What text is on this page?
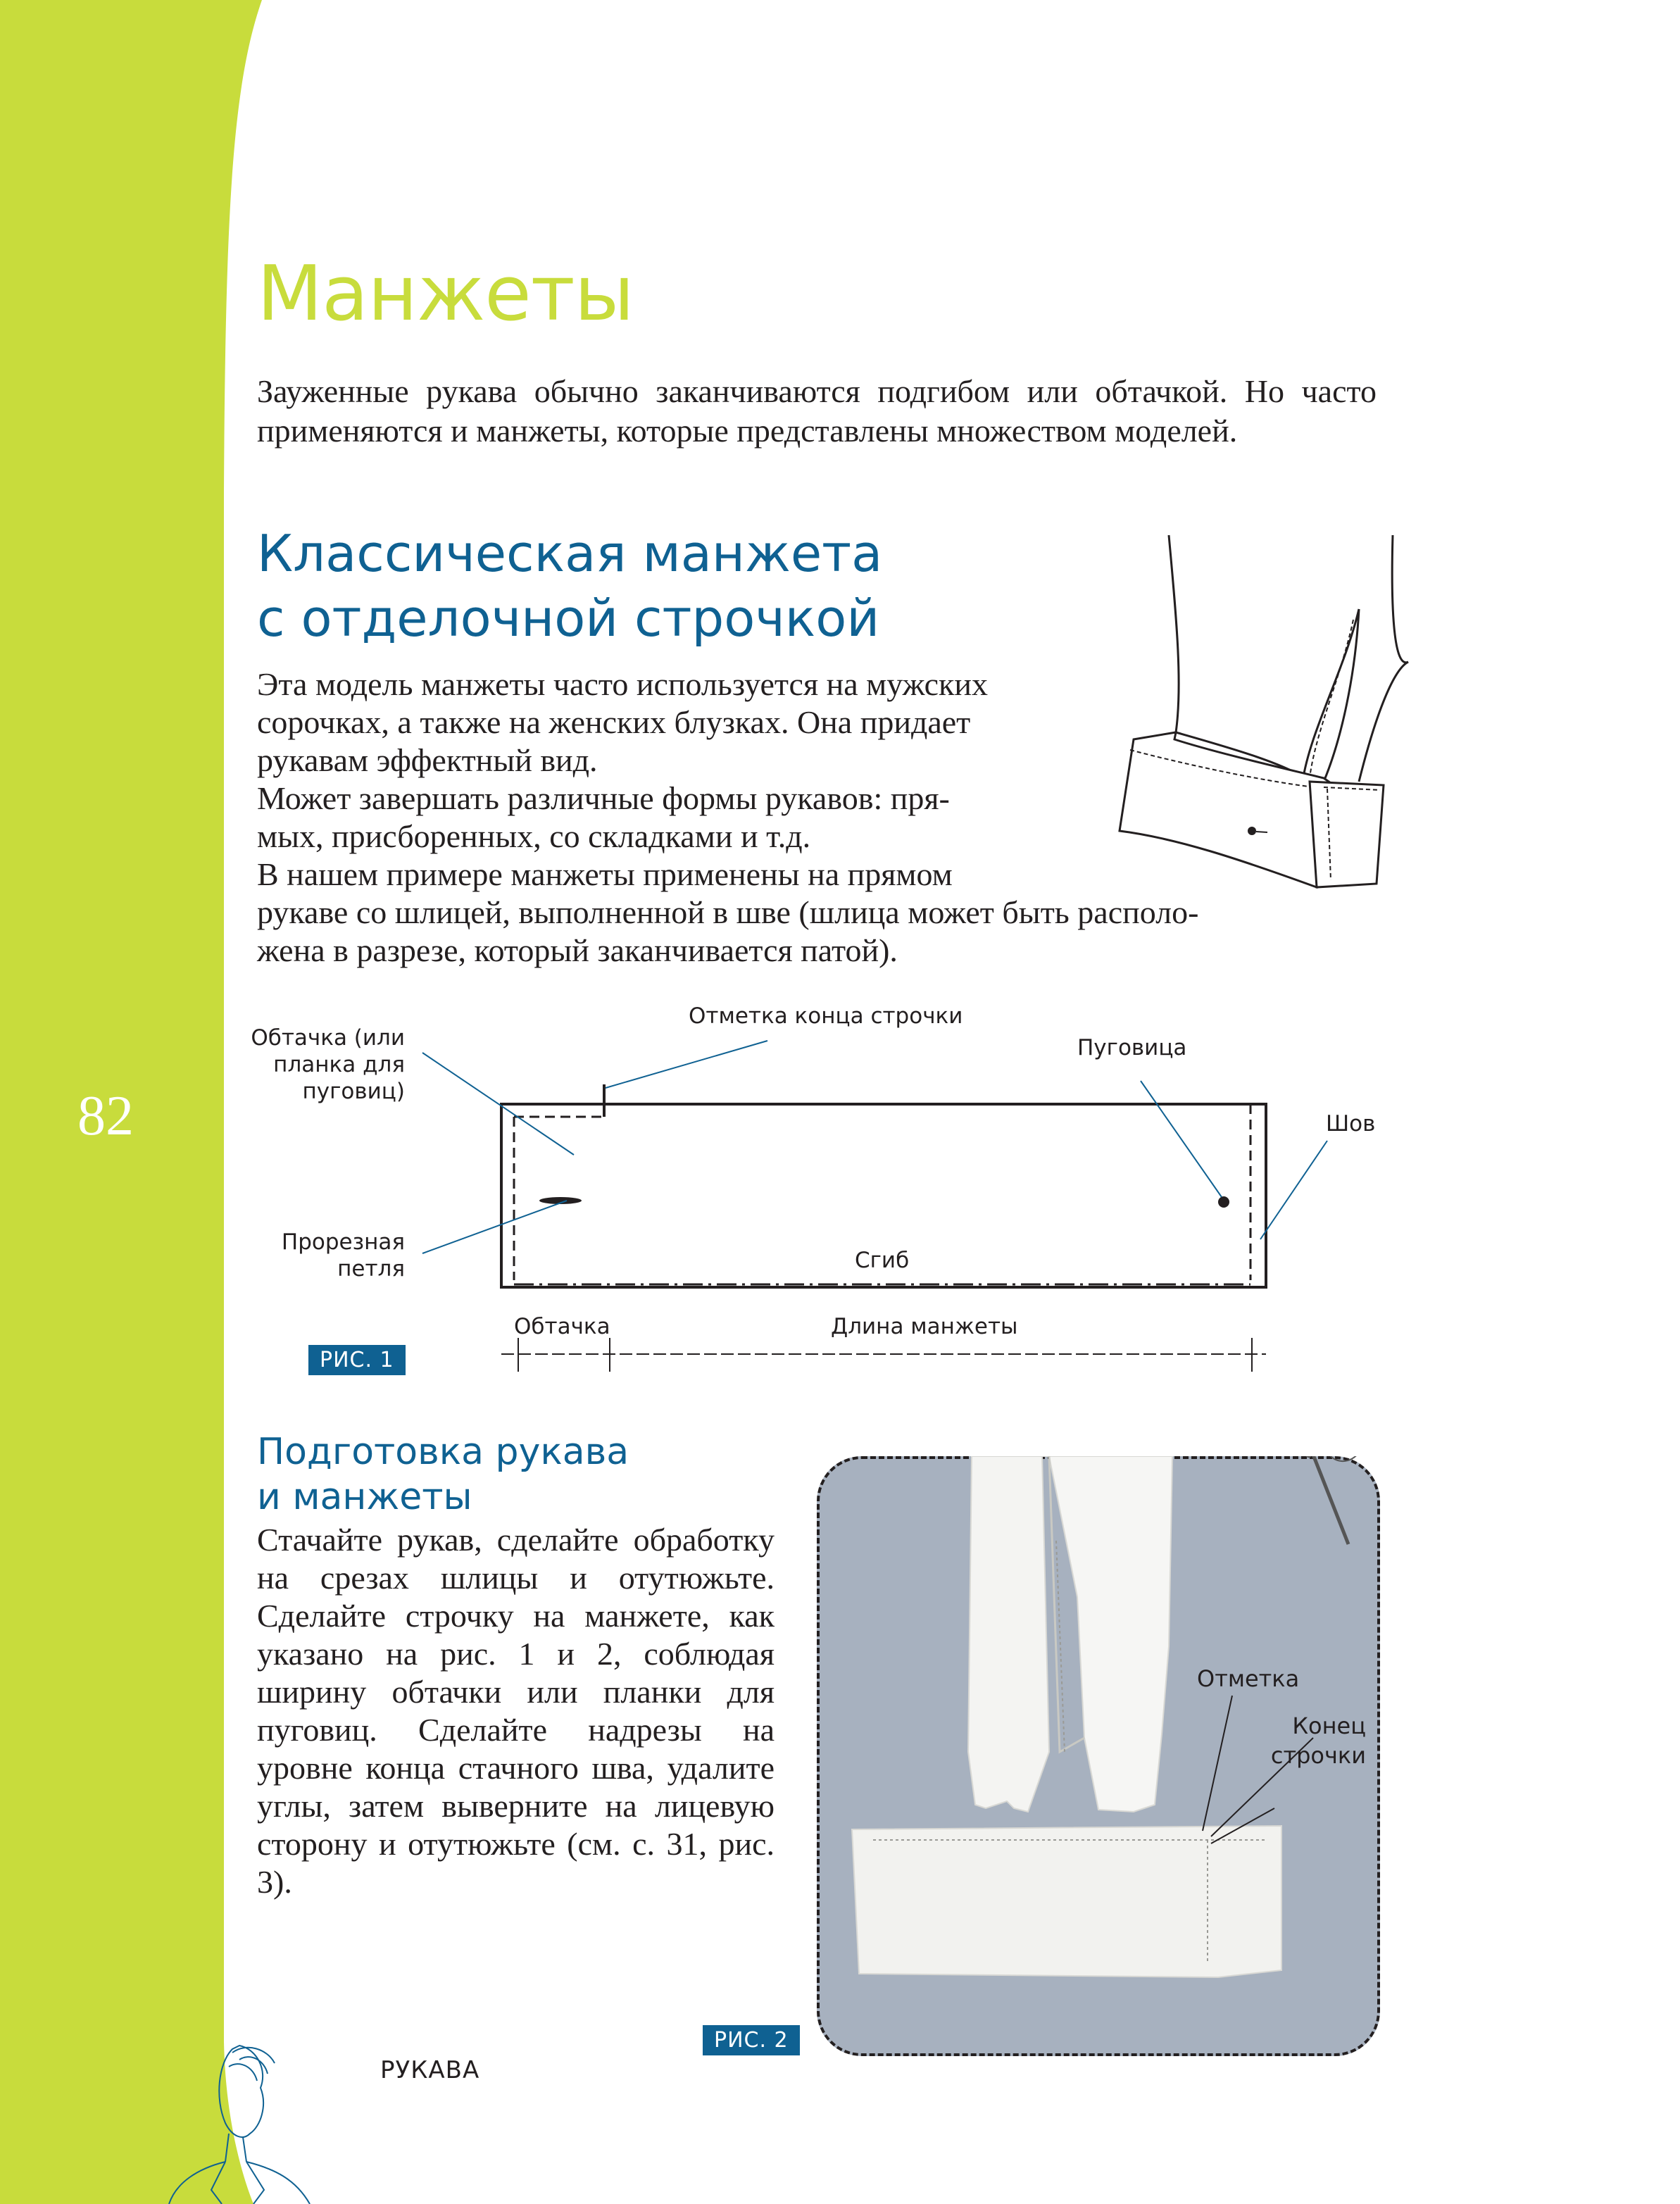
82
Манжеты
Зауженные рукава обычно заканчиваются подгибом или обтачкой. Но часто применяются и манжеты, которые представлены множеством моделей.
Классическая манжета
с отделочной строчкой
Эта модель манжеты часто используется на мужских
сорочках, а также на женских блузках. Она придает
рукавам эффектный вид.
Может завершать различные формы рукавов: пря-
мых, присборенных, со складками и т.д.
В нашем примере манжеты применены на прямом
рукаве со шлицей, выполненной в шве (шлица может быть располо-
жена в разрезе, который заканчивается патой).
Обтачка (или
планка для
пуговиц)
Отметка конца строчки
Пуговица
Шов
Прорезная
петля	Сгиб
Обтачка	Длина манжеты
РИС. 1
Подготовка рукава
и манжеты
Стачайте рукав, сделайте обработку на срезах шлицы и отутюжьте. Сделайте строчку на манжете, как указано на рис. 1 и 2, соблюдая ширину обтачки или планки для пуговиц. Сделайте надрезы на уровне конца стачного шва, удалите углы, затем выверните на лицевую сторону и отутюжьте (см. с. 31, рис. 3).
Отметка
Конец
строчки
РИС. 2
РУКАВА
